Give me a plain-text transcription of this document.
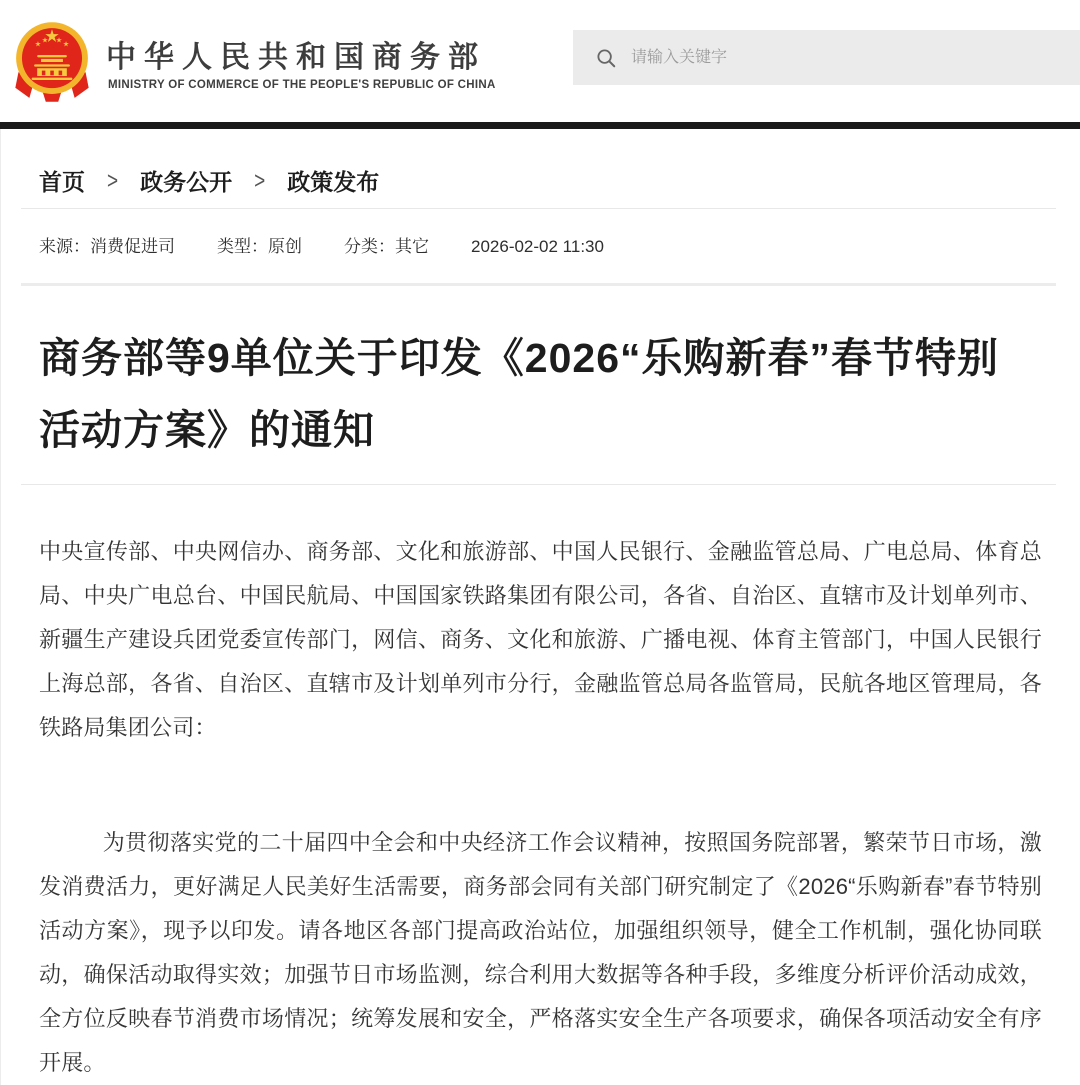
中华人民共和国商务部
MINISTRY OF COMMERCE OF THE PEOPLE'S REPUBLIC OF CHINA
请输入关键字
首页 > 政务公开 > 政策发布
来源：消费促进司 类型：原创 分类：其它 2026-02-02 11:30
商务部等9单位关于印发《2026“乐购新春”春节特别活动方案》的通知

中央宣传部、中央网信办、商务部、文化和旅游部、中国人民银行、金融监管总局、广电总局、体育总局、中央广电总台、中国民航局、中国国家铁路集团有限公司，各省、自治区、直辖市及计划单列市、新疆生产建设兵团党委宣传部门，网信、商务、文化和旅游、广播电视、体育主管部门，中国人民银行上海总部，各省、自治区、直辖市及计划单列市分行，金融监管总局各监管局，民航各地区管理局，各铁路局集团公司：

为贯彻落实党的二十届四中全会和中央经济工作会议精神，按照国务院部署，繁荣节日市场，激发消费活力，更好满足人民美好生活需要，商务部会同有关部门研究制定了《2026“乐购新春”春节特别活动方案》，现予以印发。请各地区各部门提高政治站位，加强组织领导，健全工作机制，强化协同联动，确保活动取得实效；加强节日市场监测，综合利用大数据等各种手段，多维度分析评价活动成效，全方位反映春节消费市场情况；统筹发展和安全，严格落实安全生产各项要求，确保各项活动安全有序开展。
